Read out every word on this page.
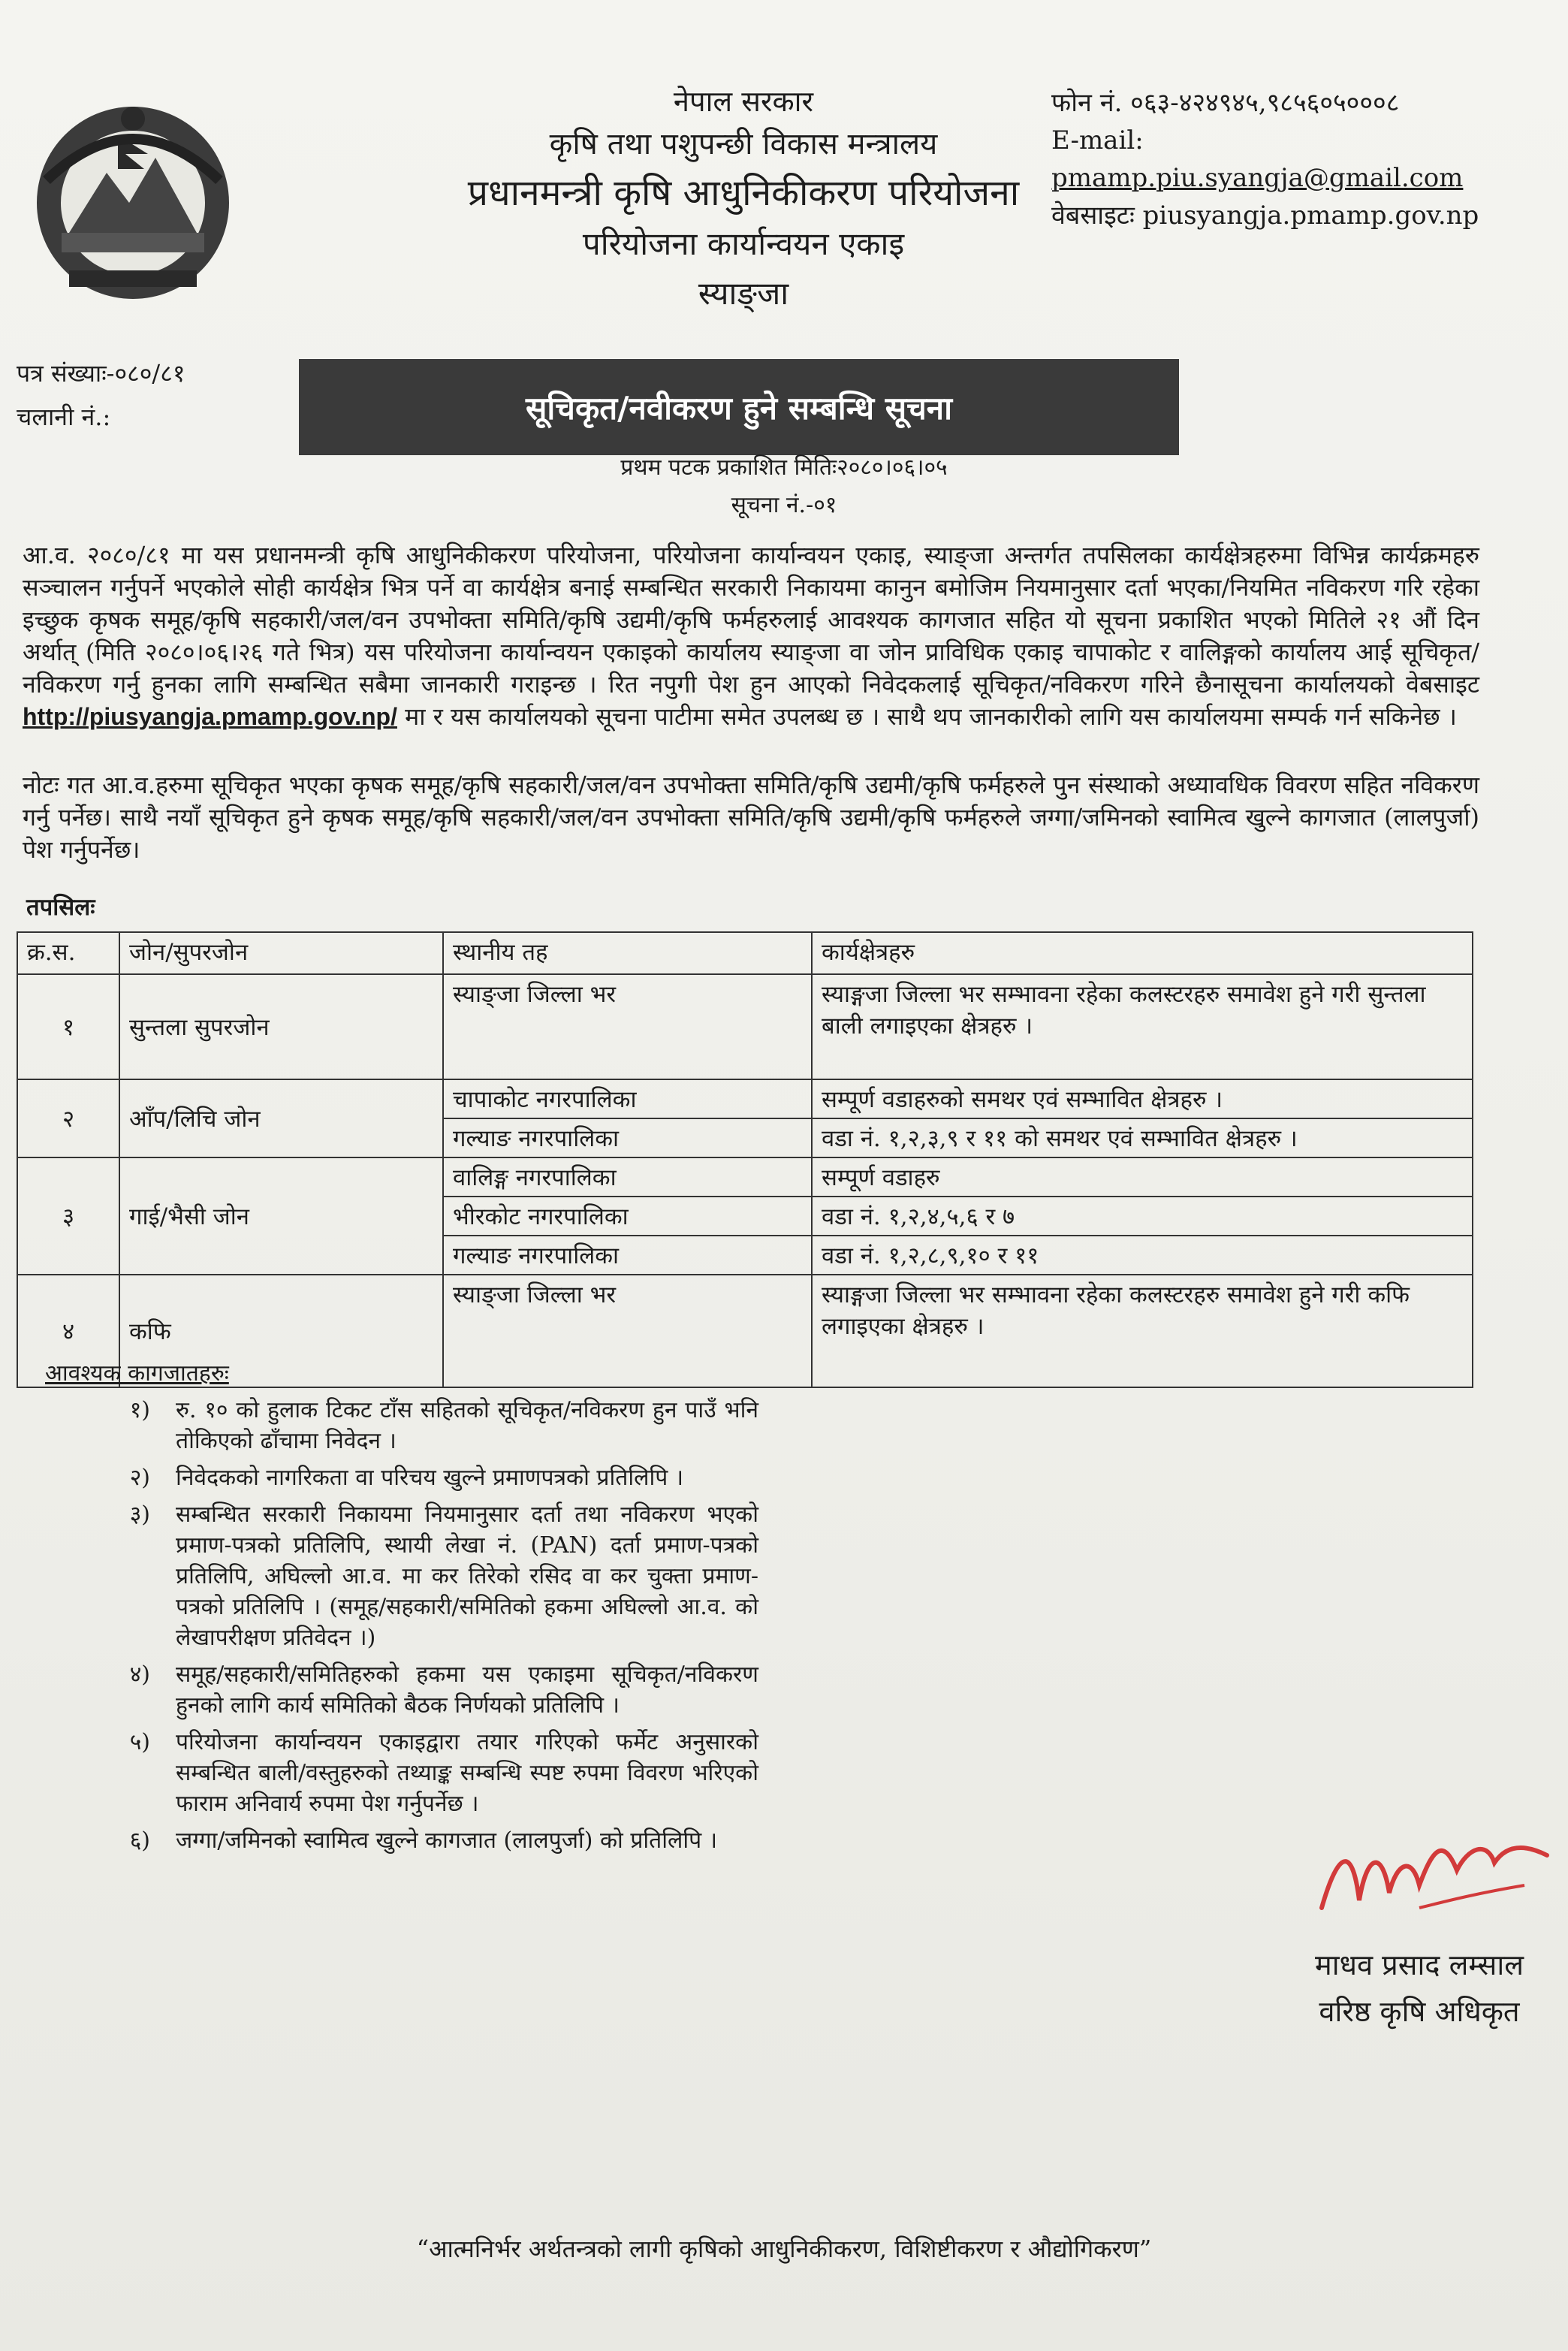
नेपाल सरकार
कृषि तथा पशुपन्छी विकास मन्त्रालय
प्रधानमन्त्री कृषि आधुनिकीकरण परियोजना
परियोजना कार्यान्वयन एकाइ
स्याङ्जा
फोन नं. ०६३-४२४९४५,९८५६०५०००८
E-mail: pmamp.piu.syangja@gmail.com
वेबसाइटः piusyangja.pmamp.gov.np
पत्र संख्याः-०८०/८१
चलानी नं.:	सूचिकृत/नवीकरण हुने सम्बन्धि सूचना
प्रथम पटक प्रकाशित मितिः२०८०।०६।०५
सूचना नं.-०१
आ.व. २०८०/८१ मा यस प्रधानमन्त्री कृषि आधुनिकीकरण परियोजना, परियोजना कार्यान्वयन एकाइ, स्याङ्जा अन्तर्गत तपसिलका कार्यक्षेत्रहरुमा विभिन्न कार्यक्रमहरु सञ्चालन गर्नुपर्ने भएकोले सोही कार्यक्षेत्र भित्र पर्ने वा कार्यक्षेत्र बनाई सम्बन्धित सरकारी निकायमा कानुन बमोजिम नियमानुसार दर्ता भएका/नियमित नविकरण गरि रहेका इच्छुक कृषक समूह/कृषि सहकारी/जल/वन उपभोक्ता समिति/कृषि उद्यमी/कृषि फर्महरुलाई आवश्यक कागजात सहित यो सूचना प्रकाशित भएको मितिले २१ औं दिन अर्थात् (मिति २०८०।०६।२६ गते भित्र) यस परियोजना कार्यान्वयन एकाइको कार्यालय स्याङ्जा वा जोन प्राविधिक एकाइ चापाकोट र वालिङ्गको कार्यालय आई सूचिकृत/नविकरण गर्नु हुनका लागि सम्बन्धित सबैमा जानकारी गराइन्छ । रित नपुगी पेश हुन आएको निवेदकलाई सूचिकृत/नविकरण गरिने छैनासूचना कार्यालयको वेबसाइट http://piusyangja.pmamp.gov.np/ मा र यस कार्यालयको सूचना पाटीमा समेत उपलब्ध छ । साथै थप जानकारीको लागि यस कार्यालयमा सम्पर्क गर्न सकिनेछ ।
नोटः गत आ.व.हरुमा सूचिकृत भएका कृषक समूह/कृषि सहकारी/जल/वन उपभोक्ता समिति/कृषि उद्यमी/कृषि फर्महरुले पुन संस्थाको अध्यावधिक विवरण सहित नविकरण गर्नु पर्नेछ। साथै नयाँ सूचिकृत हुने कृषक समूह/कृषि सहकारी/जल/वन उपभोक्ता समिति/कृषि उद्यमी/कृषि फर्महरुले जग्गा/जमिनको स्वामित्व खुल्ने कागजात (लालपुर्जा) पेश गर्नुपर्नेछ।
तपसिलः			
क्र.स.	जोन/सुपरजोन	स्थानीय तह	कार्यक्षेत्रहरु
१	सुन्तला सुपरजोन	स्याङ्जा जिल्ला भर	स्याङ्गजा जिल्ला भर सम्भावना रहेका कलस्टरहरु समावेश हुने गरी सुन्तला बाली लगाइएका क्षेत्रहरु ।
२	आँप/लिचि जोन	चापाकोट नगरपालिका	सम्पूर्ण वडाहरुको समथर एवं सम्भावित क्षेत्रहरु ।
		गल्याङ नगरपालिका	वडा नं. १,२,३,९ र ११ को समथर एवं सम्भावित क्षेत्रहरु ।
३	गाई/भैसी जोन	वालिङ्ग नगरपालिका	सम्पूर्ण वडाहरु
		भीरकोट नगरपालिका	वडा नं. १,२,४,५,६ र ७
		गल्याङ नगरपालिका	वडा नं. १,२,८,९,१० र ११
४	कफि	स्याङ्जा जिल्ला भर	स्याङ्गजा जिल्ला भर सम्भावना रहेका कलस्टरहरु समावेश हुने गरी कफि लगाइएका क्षेत्रहरु ।
आवश्यक कागजातहरुः
१)	रु. १० को हुलाक टिकट टाँस सहितको सूचिकृत/नविकरण हुन पाउँ भनि तोकिएको ढाँचामा निवेदन ।
२)	निवेदकको नागरिकता वा परिचय खुल्ने प्रमाणपत्रको प्रतिलिपि ।
३)	सम्बन्धित सरकारी निकायमा नियमानुसार दर्ता तथा नविकरण भएको प्रमाण-पत्रको प्रतिलिपि, स्थायी लेखा नं. (PAN) दर्ता प्रमाण-पत्रको प्रतिलिपि, अघिल्लो आ.व. मा कर तिरेको रसिद वा कर चुक्ता प्रमाण-पत्रको प्रतिलिपि । (समूह/सहकारी/समितिको हकमा अघिल्लो आ.व. को लेखापरीक्षण प्रतिवेदन ।)
४)	समूह/सहकारी/समितिहरुको हकमा यस एकाइमा सूचिकृत/नविकरण हुनको लागि कार्य समितिको बैठक निर्णयको प्रतिलिपि ।
५)	परियोजना कार्यान्वयन एकाइद्वारा तयार गरिएको फर्मेट अनुसारको सम्बन्धित बाली/वस्तुहरुको तथ्याङ्क सम्बन्धि स्पष्ट रुपमा विवरण भरिएको फाराम अनिवार्य रुपमा पेश गर्नुपर्नेछ ।
६)	जग्गा/जमिनको स्वामित्व खुल्ने कागजात (लालपुर्जा) को प्रतिलिपि ।
माधव प्रसाद लम्साल
वरिष्ठ कृषि अधिकृत
“आत्मनिर्भर अर्थतन्त्रको लागी कृषिको आधुनिकीकरण, विशिष्टीकरण र औद्योगिकरण”
